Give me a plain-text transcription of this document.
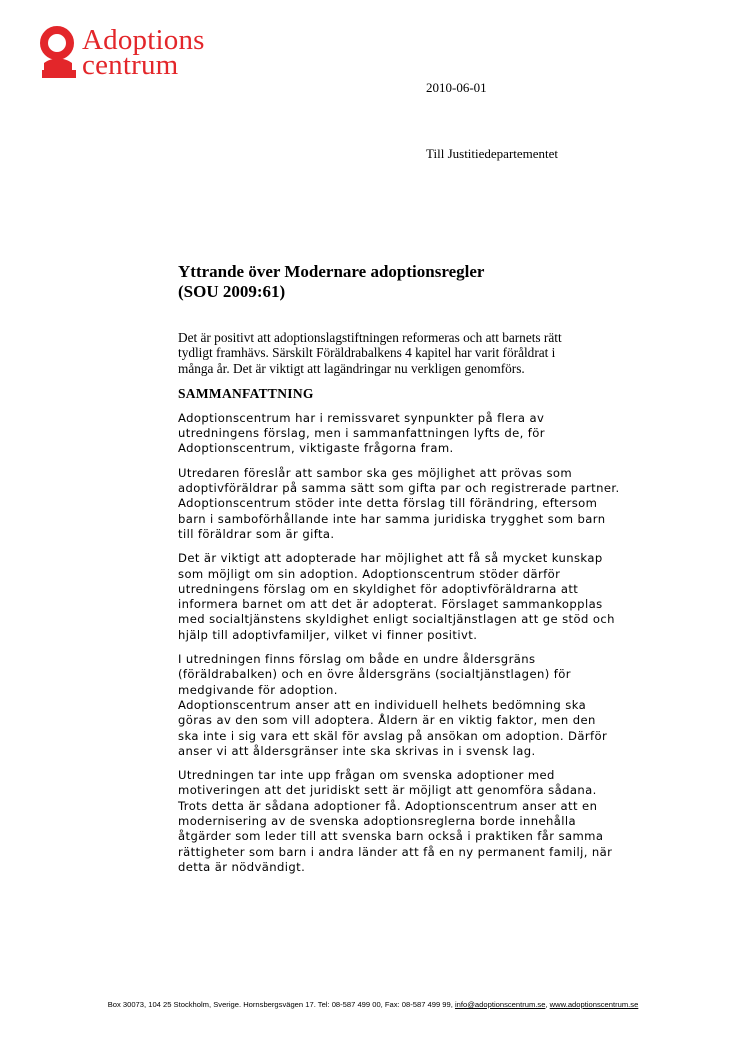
Adoptions
centrum
2010-06-01
Till Justitiedepartementet
Yttrande över Modernare adoptionsregler
(SOU 2009:61)
Det är positivt att adoptionslagstiftningen reformeras och att barnets rätt
tydligt framhävs. Särskilt Föräldrabalkens 4 kapitel har varit föråldrat i
många år. Det är viktigt att lagändringar nu verkligen genomförs.
SAMMANFATTNING
Adoptionscentrum har i remissvaret synpunkter på flera av
utredningens förslag, men i sammanfattningen lyfts de, för
Adoptionscentrum, viktigaste frågorna fram.
Utredaren föreslår att sambor ska ges möjlighet att prövas som
adoptivföräldrar på samma sätt som gifta par och registrerade partner.
Adoptionscentrum stöder inte detta förslag till förändring, eftersom
barn i samboförhållande inte har samma juridiska trygghet som barn
till föräldrar som är gifta.
Det är viktigt att adopterade har möjlighet att få så mycket kunskap
som möjligt om sin adoption. Adoptionscentrum stöder därför
utredningens förslag om en skyldighet för adoptivföräldrarna att
informera barnet om att det är adopterat. Förslaget sammankopplas
med socialtjänstens skyldighet enligt socialtjänstlagen att ge stöd och
hjälp till adoptivfamiljer, vilket vi finner positivt.
I utredningen finns förslag om både en undre åldersgräns
(föräldrabalken) och en övre åldersgräns (socialtjänstlagen) för
medgivande för adoption.
Adoptionscentrum anser att en individuell helhets bedömning ska
göras av den som vill adoptera. Åldern är en viktig faktor, men den
ska inte i sig vara ett skäl för avslag på ansökan om adoption. Därför
anser vi att åldersgränser inte ska skrivas in i svensk lag.
Utredningen tar inte upp frågan om svenska adoptioner med
motiveringen att det juridiskt sett är möjligt att genomföra sådana.
Trots detta är sådana adoptioner få. Adoptionscentrum anser att en
modernisering av de svenska adoptionsreglerna borde innehålla
åtgärder som leder till att svenska barn också i praktiken får samma
rättigheter som barn i andra länder att få en ny permanent familj, när
detta är nödvändigt.
Box 30073, 104 25 Stockholm, Sverige. Hornsbergsvägen 17. Tel: 08-587 499 00, Fax: 08-587 499 99, info@adoptionscentrum.se, www.adoptionscentrum.se
